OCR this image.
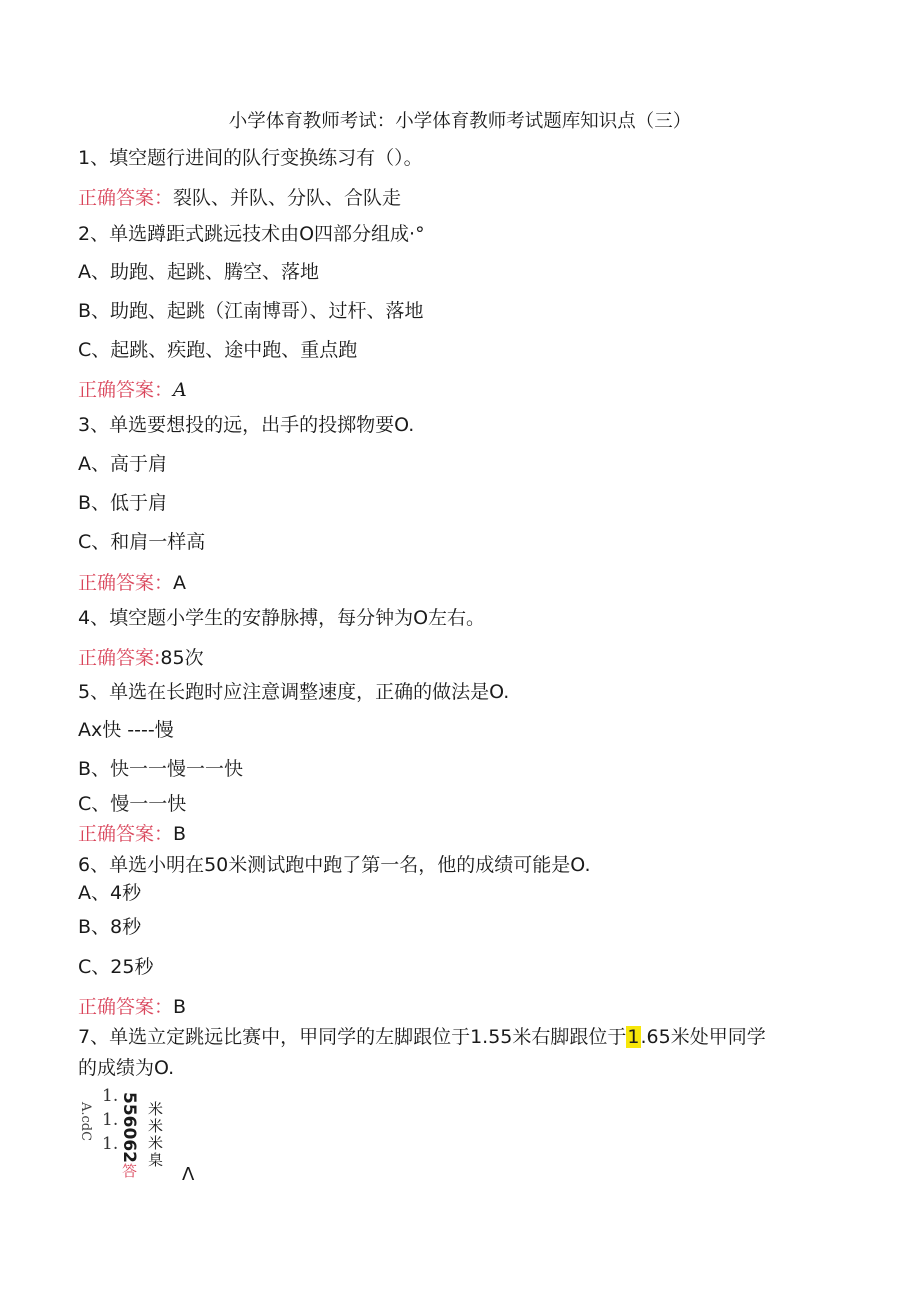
小学体育教师考试：小学体育教师考试题库知识点（三）
1、填空题行进间的队行变换练习有（）。
正确答案：裂队、并队、分队、合队走
2、单选蹲距式跳远技术由O四部分组成·°
A、助跑、起跳、腾空、落地
B、助跑、起跳（江南博哥）、过杆、落地
C、起跳、疾跑、途中跑、重点跑
正确答案：A
3、单选要想投的远，出手的投掷物要O.
A、高于肩
B、低于肩
C、和肩一样高
正确答案：A
4、填空题小学生的安静脉搏，每分钟为O左右。
正确答案:85次
5、单选在长跑时应注意调整速度，正确的做法是O.
Ax快 ----慢
B、快一一慢一一快
C、慢一一快
正确答案：B
6、单选小明在50米测试跑中跑了第一名，他的成绩可能是O.
A、4秒
B、8秒
C、25秒
正确答案：B
7、单选立定跳远比赛中，甲同学的左脚跟位于1.55米右脚跟位于1.65米处甲同学
的成绩为O.
A.cdC
1.
1.
1. 556062答
米
米
米
臬
Λ
